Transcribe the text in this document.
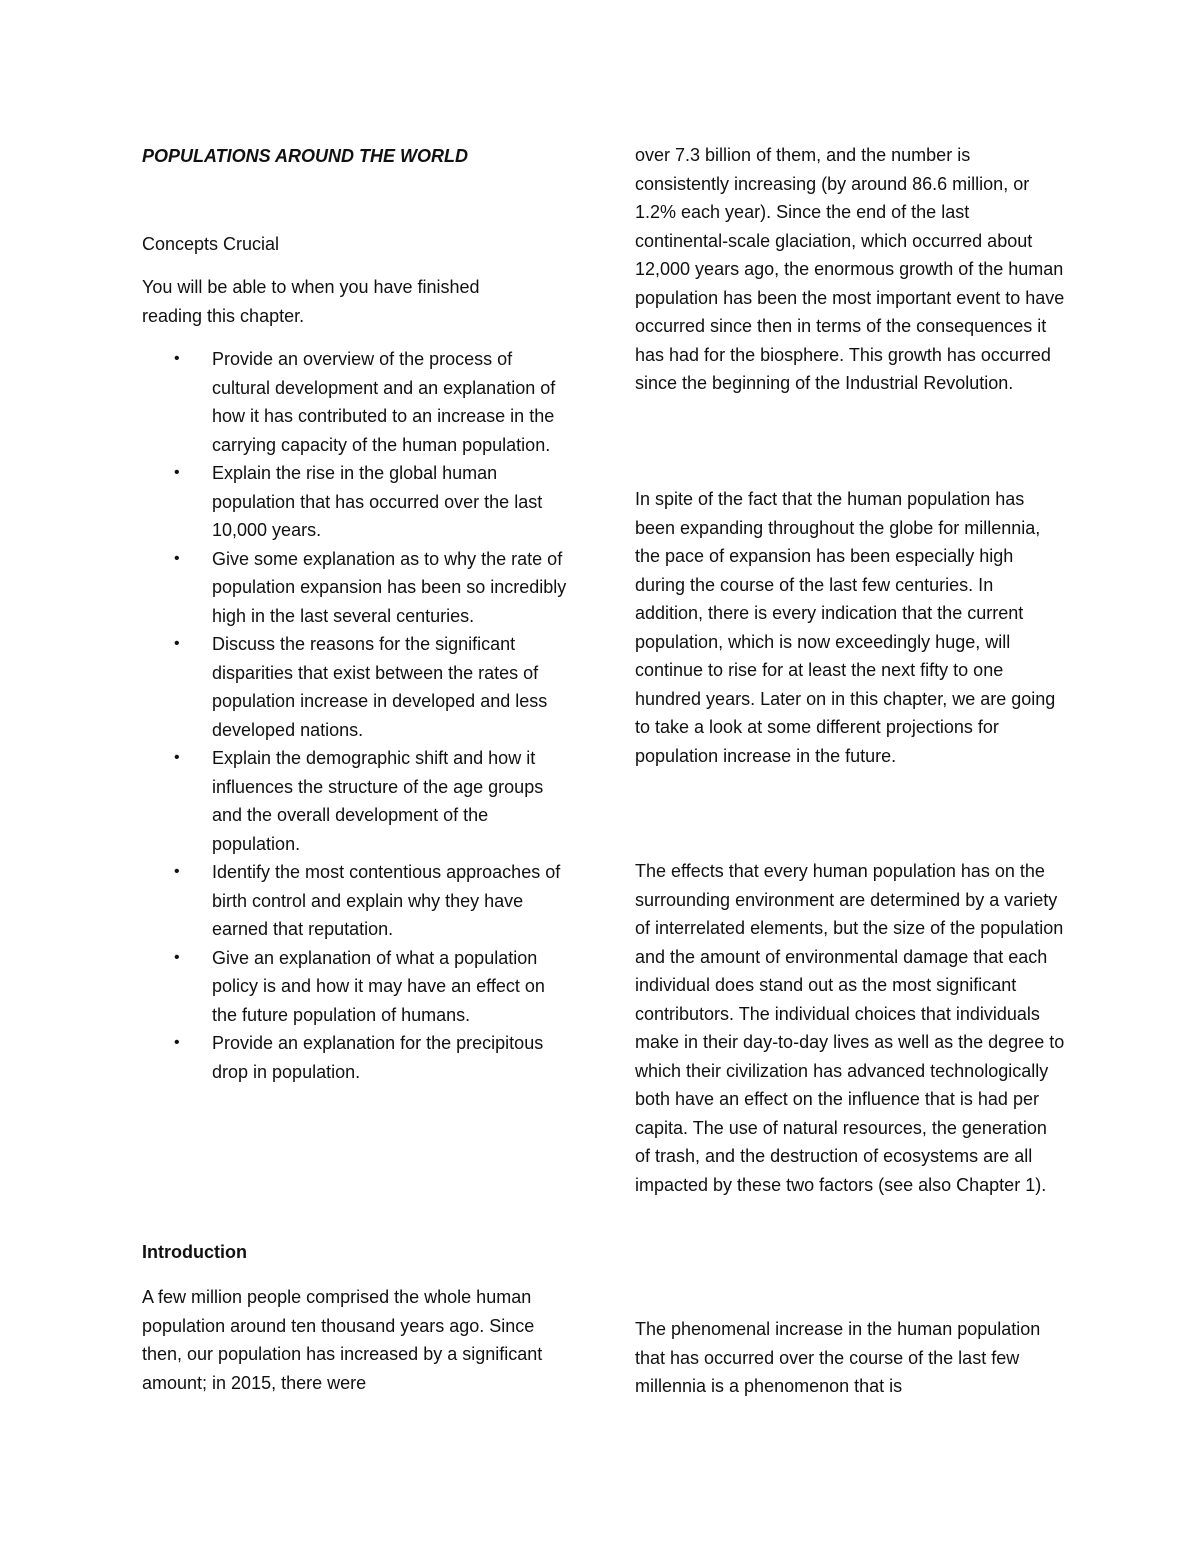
POPULATIONS AROUND THE WORLD
Concepts Crucial

You will be able to when you have finished reading this chapter.

• Provide an overview of the process of cultural development and an explanation of how it has contributed to an increase in the carrying capacity of the human population.
• Explain the rise in the global human population that has occurred over the last 10,000 years.
• Give some explanation as to why the rate of population expansion has been so incredibly high in the last several centuries.
• Discuss the reasons for the significant disparities that exist between the rates of population increase in developed and less developed nations.
• Explain the demographic shift and how it influences the structure of the age groups and the overall development of the population.
• Identify the most contentious approaches of birth control and explain why they have earned that reputation.
• Give an explanation of what a population policy is and how it may have an effect on the future population of humans.
• Provide an explanation for the precipitous drop in population.
Introduction

A few million people comprised the whole human population around ten thousand years ago. Since then, our population has increased by a significant amount; in 2015, there were

over 7.3 billion of them, and the number is consistently increasing (by around 86.6 million, or 1.2% each year). Since the end of the last continental-scale glaciation, which occurred about 12,000 years ago, the enormous growth of the human population has been the most important event to have occurred since then in terms of the consequences it has had for the biosphere. This growth has occurred since the beginning of the Industrial Revolution.

In spite of the fact that the human population has been expanding throughout the globe for millennia, the pace of expansion has been especially high during the course of the last few centuries. In addition, there is every indication that the current population, which is now exceedingly huge, will continue to rise for at least the next fifty to one hundred years. Later on in this chapter, we are going to take a look at some different projections for population increase in the future.

The effects that every human population has on the surrounding environment are determined by a variety of interrelated elements, but the size of the population and the amount of environmental damage that each individual does stand out as the most significant contributors. The individual choices that individuals make in their day-to-day lives as well as the degree to which their civilization has advanced technologically both have an effect on the influence that is had per capita. The use of natural resources, the generation of trash, and the destruction of ecosystems are all impacted by these two factors (see also Chapter 1).

The phenomenal increase in the human population that has occurred over the course of the last few millennia is a phenomenon that is
